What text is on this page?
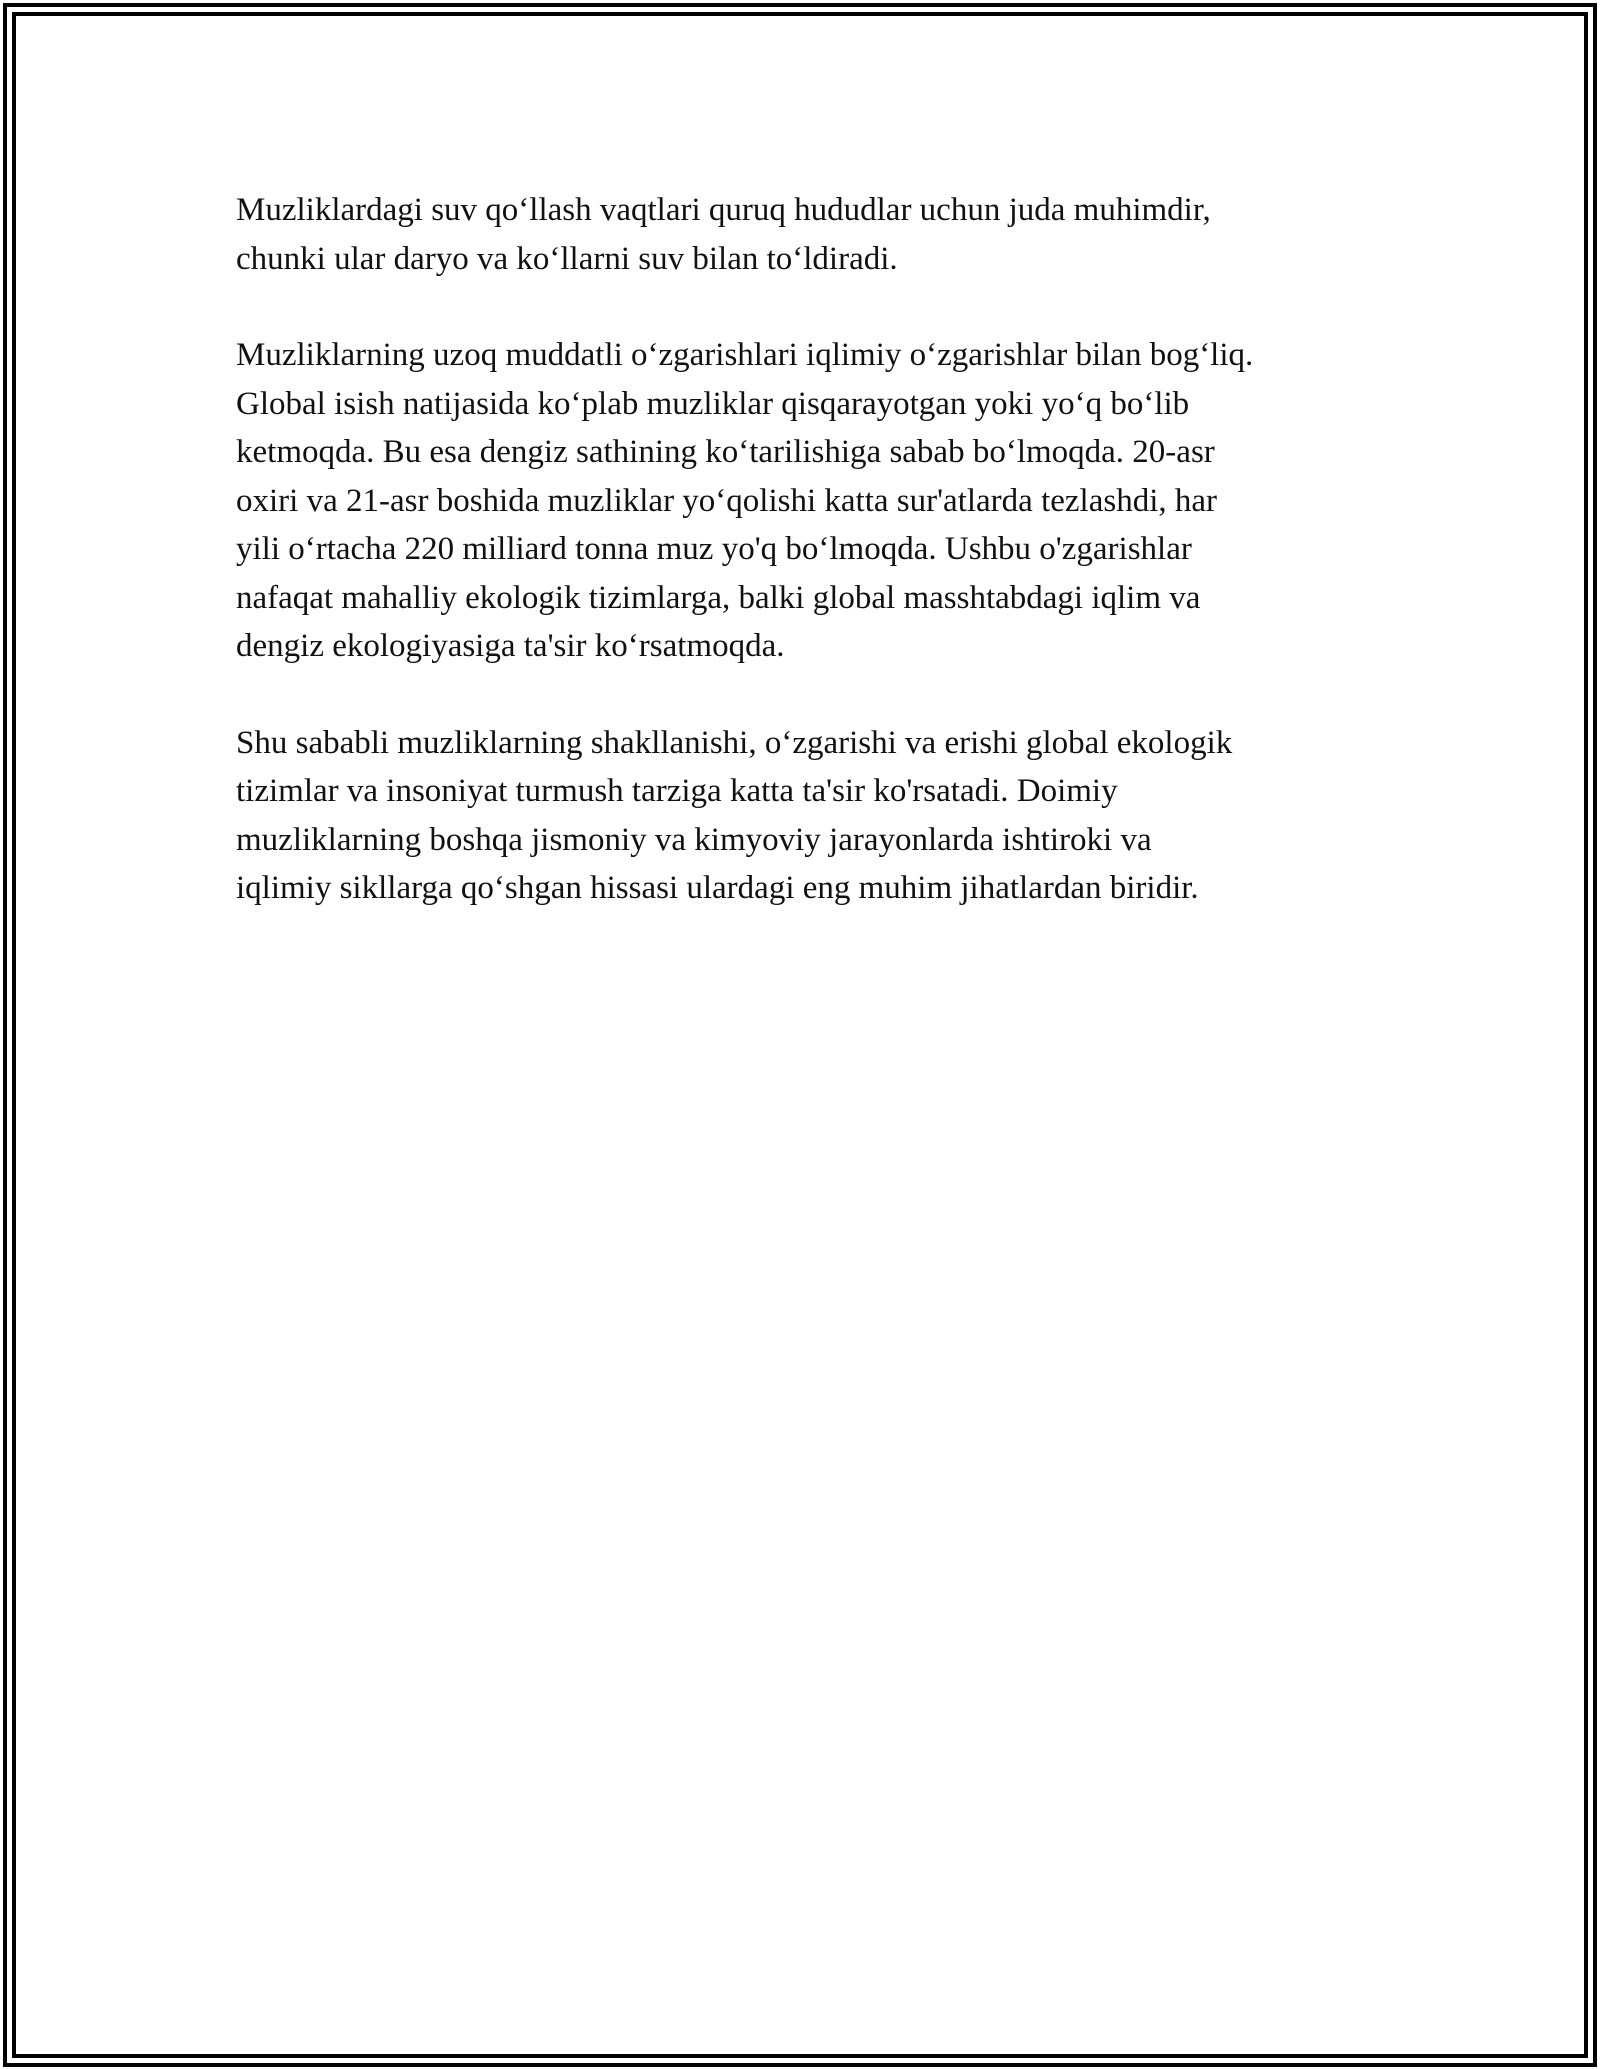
Muzliklardagi suv qo‘llash vaqtlari quruq hududlar uchun juda muhimdir,
chunki ular daryo va ko‘llarni suv bilan to‘ldiradi.

Muzliklarning uzoq muddatli o‘zgarishlari iqlimiy o‘zgarishlar bilan bog‘liq.
Global isish natijasida ko‘plab muzliklar qisqarayotgan yoki yo‘q bo‘lib
ketmoqda. Bu esa dengiz sathining ko‘tarilishiga sabab bo‘lmoqda. 20-asr
oxiri va 21-asr boshida muzliklar yo‘qolishi katta sur'atlarda tezlashdi, har
yili o‘rtacha 220 milliard tonna muz yo'q bo‘lmoqda. Ushbu o'zgarishlar
nafaqat mahalliy ekologik tizimlarga, balki global masshtabdagi iqlim va
dengiz ekologiyasiga ta'sir ko‘rsatmoqda.

Shu sababli muzliklarning shakllanishi, o‘zgarishi va erishi global ekologik
tizimlar va insoniyat turmush tarziga katta ta'sir ko'rsatadi. Doimiy
muzliklarning boshqa jismoniy va kimyoviy jarayonlarda ishtiroki va
iqlimiy sikllarga qo‘shgan hissasi ulardagi eng muhim jihatlardan biridir.
